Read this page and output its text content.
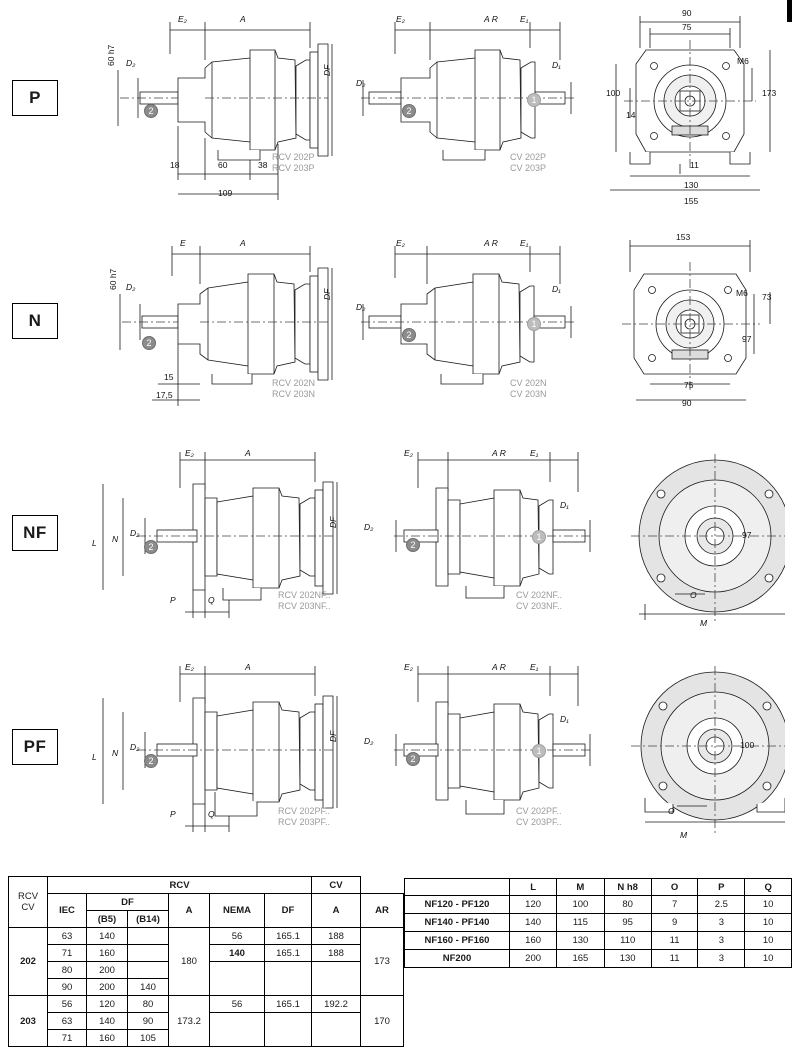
P
N
NF
PF
E₂	A
D₂
60 h7
DF
18	60	38
109
2
RCV 202P
RCV 203P
E₂	A R	E₁
D₂
D₁
2
1
CV 202P
CV 203P
90
75
M6
173
100
14
11
130
155
E	A
D₂
60 h7
DF
15
17,5
2
RCV 202N
RCV 203N
E₂	A R	E₁
D₂
D₁
2
1
CV 202N
CV 203N
153
M6 73
97
75
90
E₂	A
L N
D₂
DF
P	Q
2
RCV 202NF..
RCV 203NF..
E₂	A R	E₁
D₂
D₁
2
1
CV 202NF..
CV 203NF..
97
O
M
E₂	A
L N
D₂
DF
P	Q
2
RCV 202PF..
RCV 203PF..
E₂	A R	E₁
D₂
D₁
2
1
CV 202PF..
CV 203PF..
100
O
M
RCV
CV	RCV						CV	
	IEC	DF		A	NEMA	DF	A	AR
		(B5)	(B14)					
202	63	140		180	56	165.1	188	173
	71	160			140	165.1	188	
	80	200						
	90	200	140					
203	56	120	80	173.2	56	165.1	192.2	170
	63	140	90					
	71	160	105					
	L	M	N h8	O	P	Q
NF120 - PF120	120	100	80	7	2.5	10
NF140 - PF140	140	115	95	9	3	10
NF160 - PF160	160	130	110	11	3	10
NF200	200	165	130	11	3	10
